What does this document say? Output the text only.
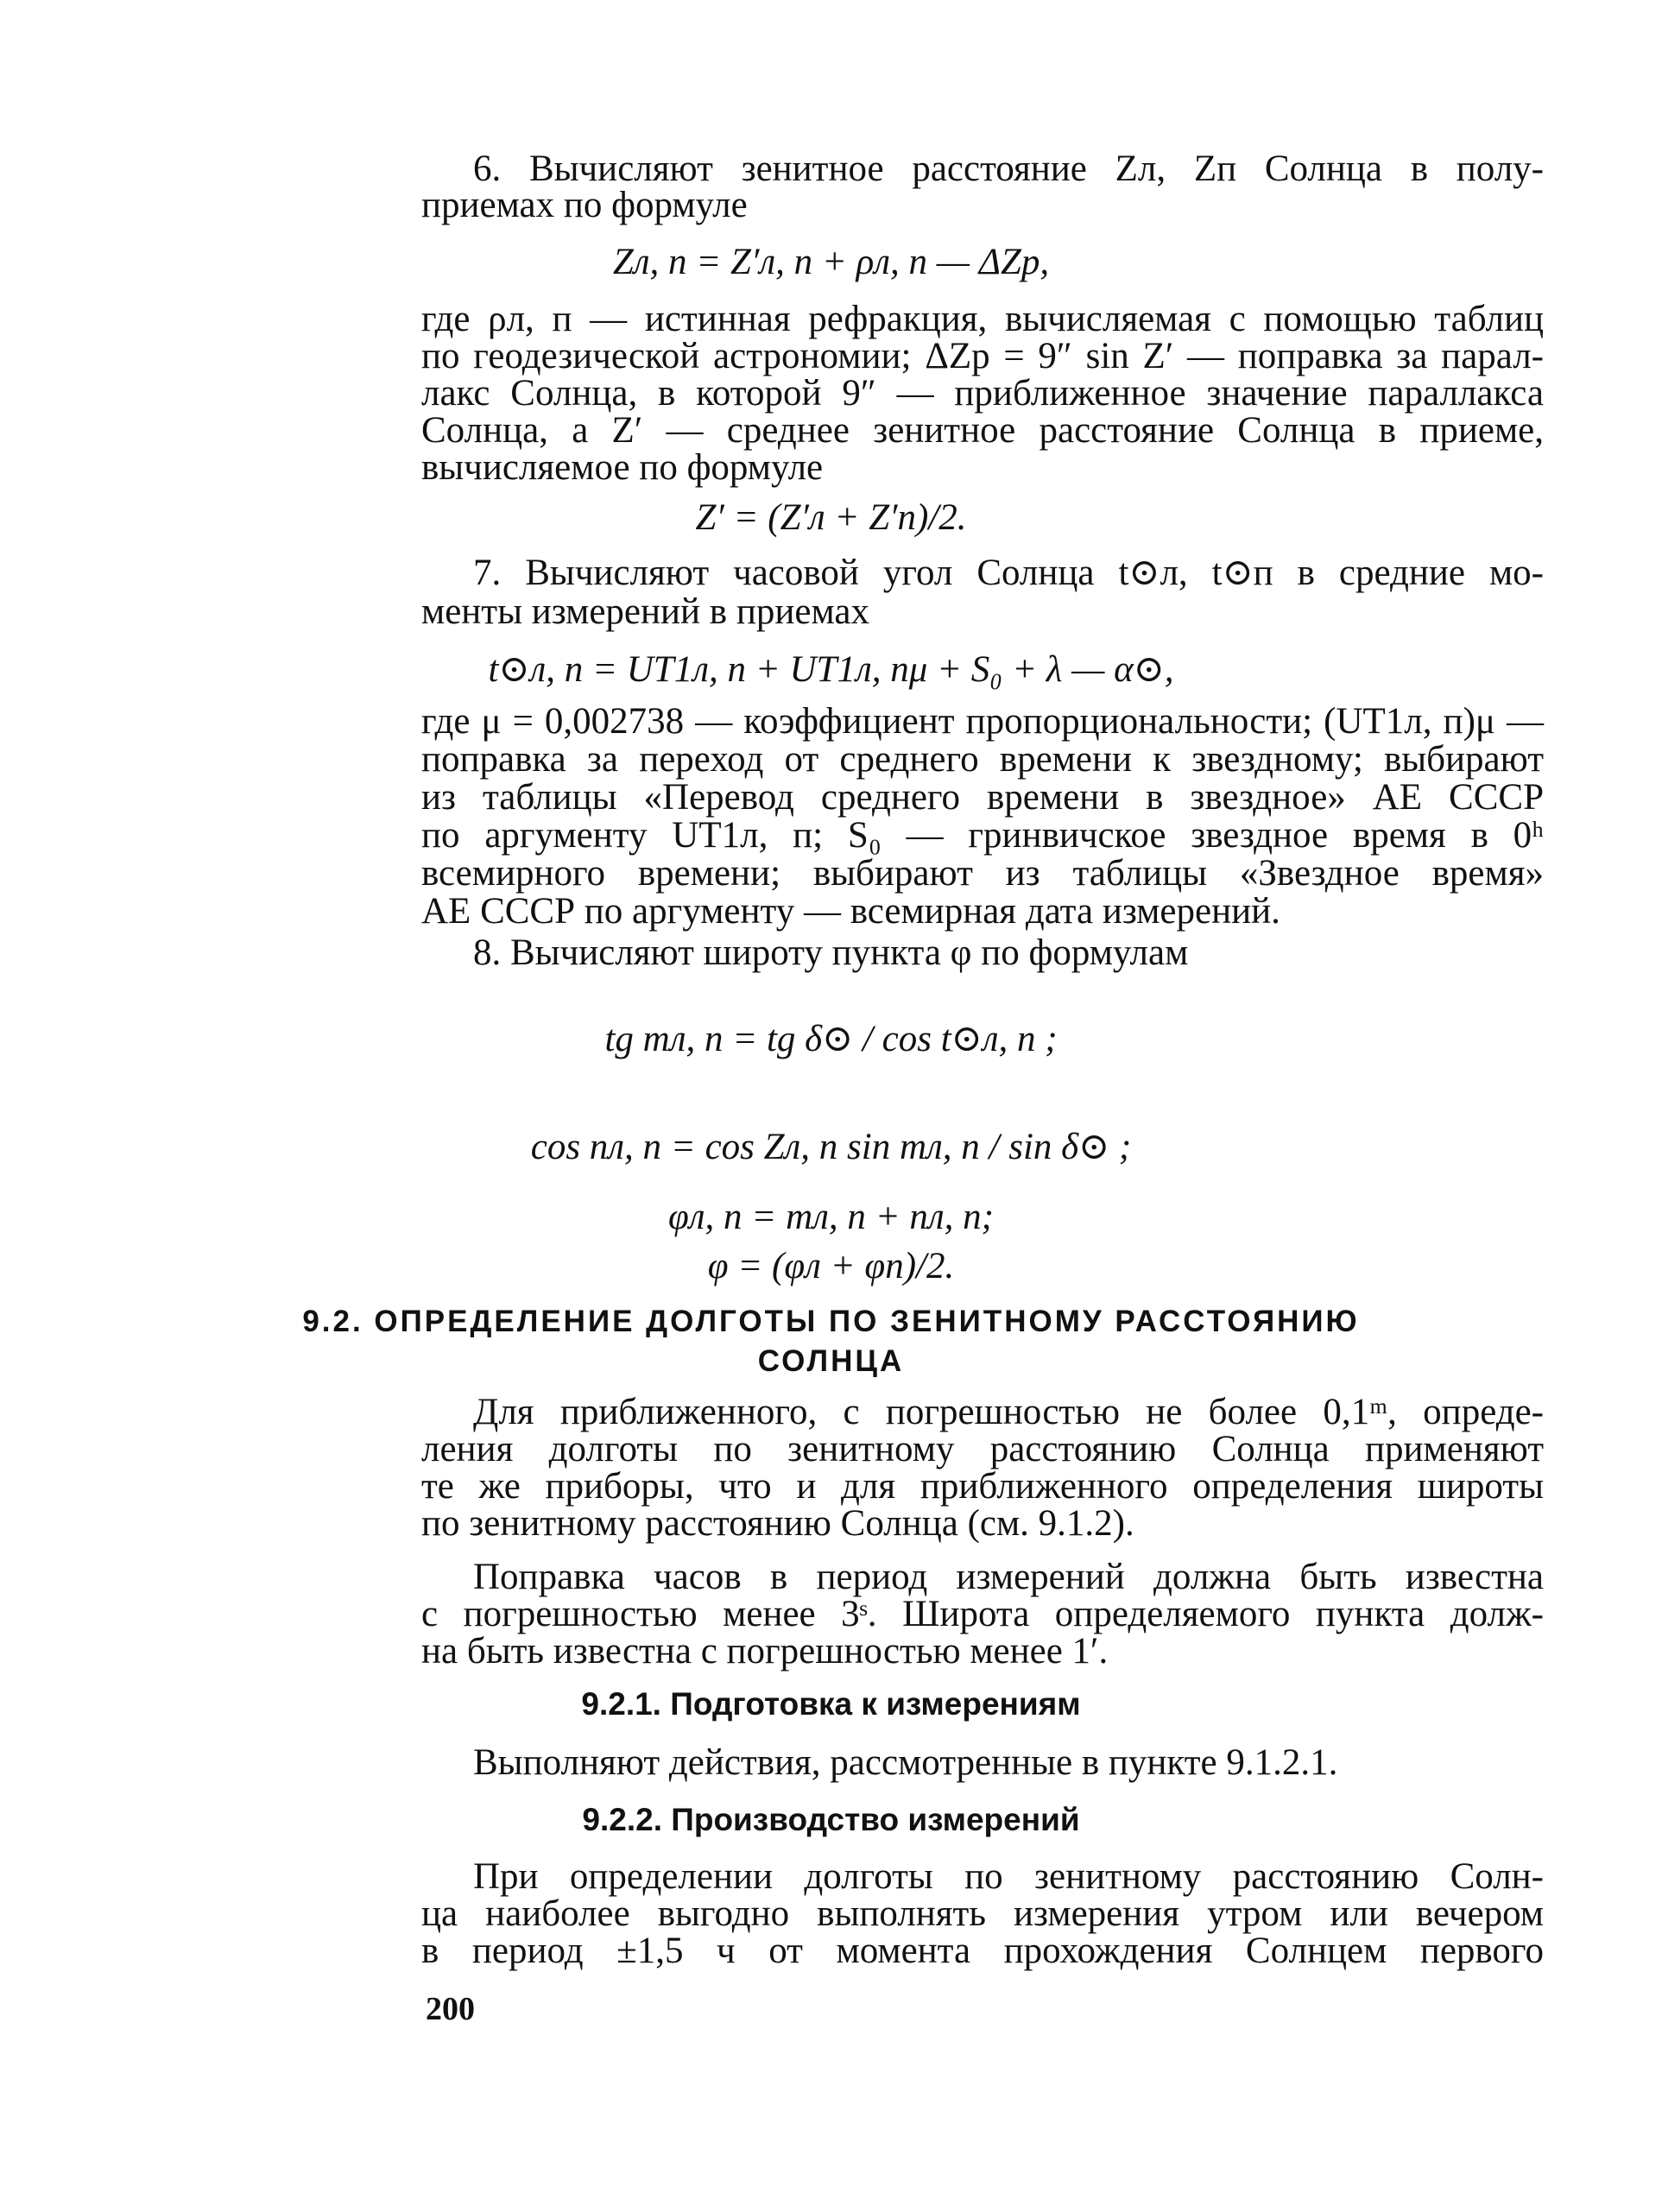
6. Вычисляют зенитное расстояние Zл, Zп Солнца в полу-
приемах по формуле
Zл, п = Z′л, п + ρл, п — ΔZр,
где ρл, п — истинная рефракция, вычисляемая с помощью таблиц
по геодезической астрономии; ΔZр = 9″ sin Z′ — поправка за парал-
лакс Солнца, в которой 9″ — приближенное значение параллакса
Солнца, а Z′ — среднее зенитное расстояние Солнца в приеме,
вычисляемое по формуле
Z′ = (Z′л + Z′п)/2.
7. Вычисляют часовой угол Солнца t⊙л, t⊙п в средние мо-
менты измерений в приемах
t⊙л, п = UT1л, п + UT1л, пμ + S₀ + λ — α⊙,
где μ = 0,002738 — коэффициент пропорциональности; (UT1л, п)μ —
поправка за переход от среднего времени к звездному; выбирают
из таблицы «Перевод среднего времени в звездное» АЕ СССР
по аргументу UT1л, п; S₀ — гринвичское звездное время в 0ʰ
всемирного времени; выбирают из таблицы «Звездное время»
АЕ СССР по аргументу — всемирная дата измерений.
8. Вычисляют широту пункта φ по формулам
tg mл, п = tg δ⊙ / cos t⊙л, п ;
cos nл, п = cos Zл, п sin mл, п / sin δ⊙ ;
φл, п = mл, п + nл, п;
φ = (φл + φп)/2.
9.2. ОПРЕДЕЛЕНИЕ ДОЛГОТЫ ПО ЗЕНИТНОМУ РАССТОЯНИЮ
СОЛНЦА
Для приближенного, с погрешностью не более 0,1ᵐ, опреде-
ления долготы по зенитному расстоянию Солнца применяют
те же приборы, что и для приближенного определения широты
по зенитному расстоянию Солнца (см. 9.1.2).
Поправка часов в период измерений должна быть известна
с погрешностью менее 3ˢ. Широта определяемого пункта долж-
на быть известна с погрешностью менее 1′.
9.2.1. Подготовка к измерениям
Выполняют действия, рассмотренные в пункте 9.1.2.1.
9.2.2. Производство измерений
При определении долготы по зенитному расстоянию Солн-
ца наиболее выгодно выполнять измерения утром или вечером
в период ±1,5 ч от момента прохождения Солнцем первого
200
